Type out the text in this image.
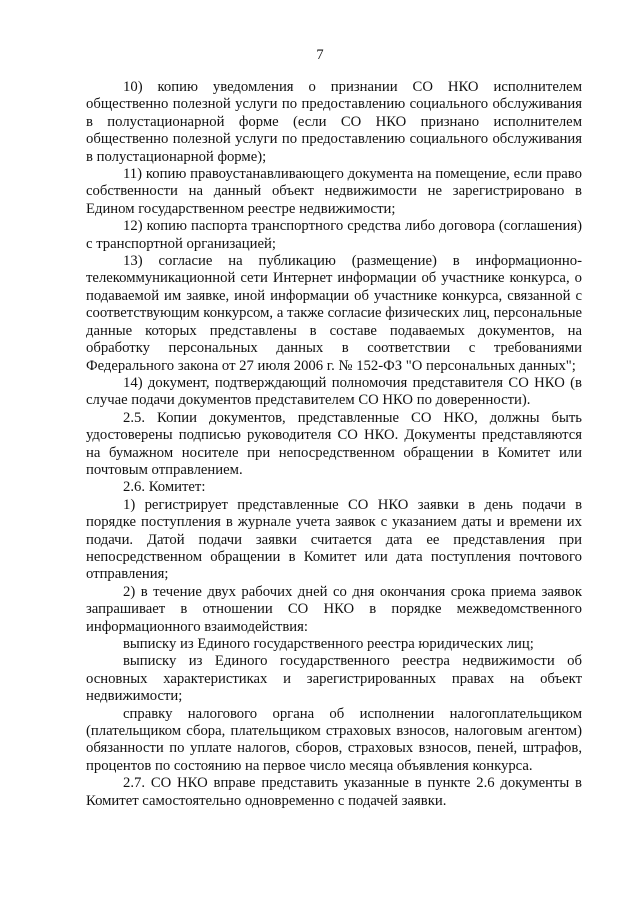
7

10) копию уведомления о признании СО НКО исполнителем общественно полезной услуги по предоставлению социального обслуживания в полустационарной форме (если СО НКО признано исполнителем общественно полезной услуги по предоставлению социального обслуживания в полустационарной форме);

11) копию правоустанавливающего документа на помещение, если право собственности на данный объект недвижимости не зарегистрировано в Едином государственном реестре недвижимости;

12) копию паспорта транспортного средства либо договора (соглашения) с транспортной организацией;

13) согласие на публикацию (размещение) в информационно-телекоммуникационной сети Интернет информации об участнике конкурса, о подаваемой им заявке, иной информации об участнике конкурса, связанной с соответствующим конкурсом, а также согласие физических лиц, персональные данные которых представлены в составе подаваемых документов, на обработку персональных данных в соответствии с требованиями Федерального закона от 27 июля 2006 г. № 152-ФЗ "О персональных данных";

14) документ, подтверждающий полномочия представителя СО НКО (в случае подачи документов представителем СО НКО по доверенности).

2.5. Копии документов, представленные СО НКО, должны быть удостоверены подписью руководителя СО НКО. Документы представляются на бумажном носителе при непосредственном обращении в Комитет или почтовым отправлением.

2.6. Комитет:

1) регистрирует представленные СО НКО заявки в день подачи в порядке поступления в журнале учета заявок с указанием даты и времени их подачи. Датой подачи заявки считается дата ее представления при непосредственном обращении в Комитет или дата поступления почтового отправления;

2) в течение двух рабочих дней со дня окончания срока приема заявок запрашивает в отношении СО НКО в порядке межведомственного информационного взаимодействия:

выписку из Единого государственного реестра юридических лиц;

выписку из Единого государственного реестра недвижимости об основных характеристиках и зарегистрированных правах на объект недвижимости;

справку налогового органа об исполнении налогоплательщиком (плательщиком сбора, плательщиком страховых взносов, налоговым агентом) обязанности по уплате налогов, сборов, страховых взносов, пеней, штрафов, процентов по состоянию на первое число месяца объявления конкурса.

2.7. СО НКО вправе представить указанные в пункте 2.6 документы в Комитет самостоятельно одновременно с подачей заявки.
